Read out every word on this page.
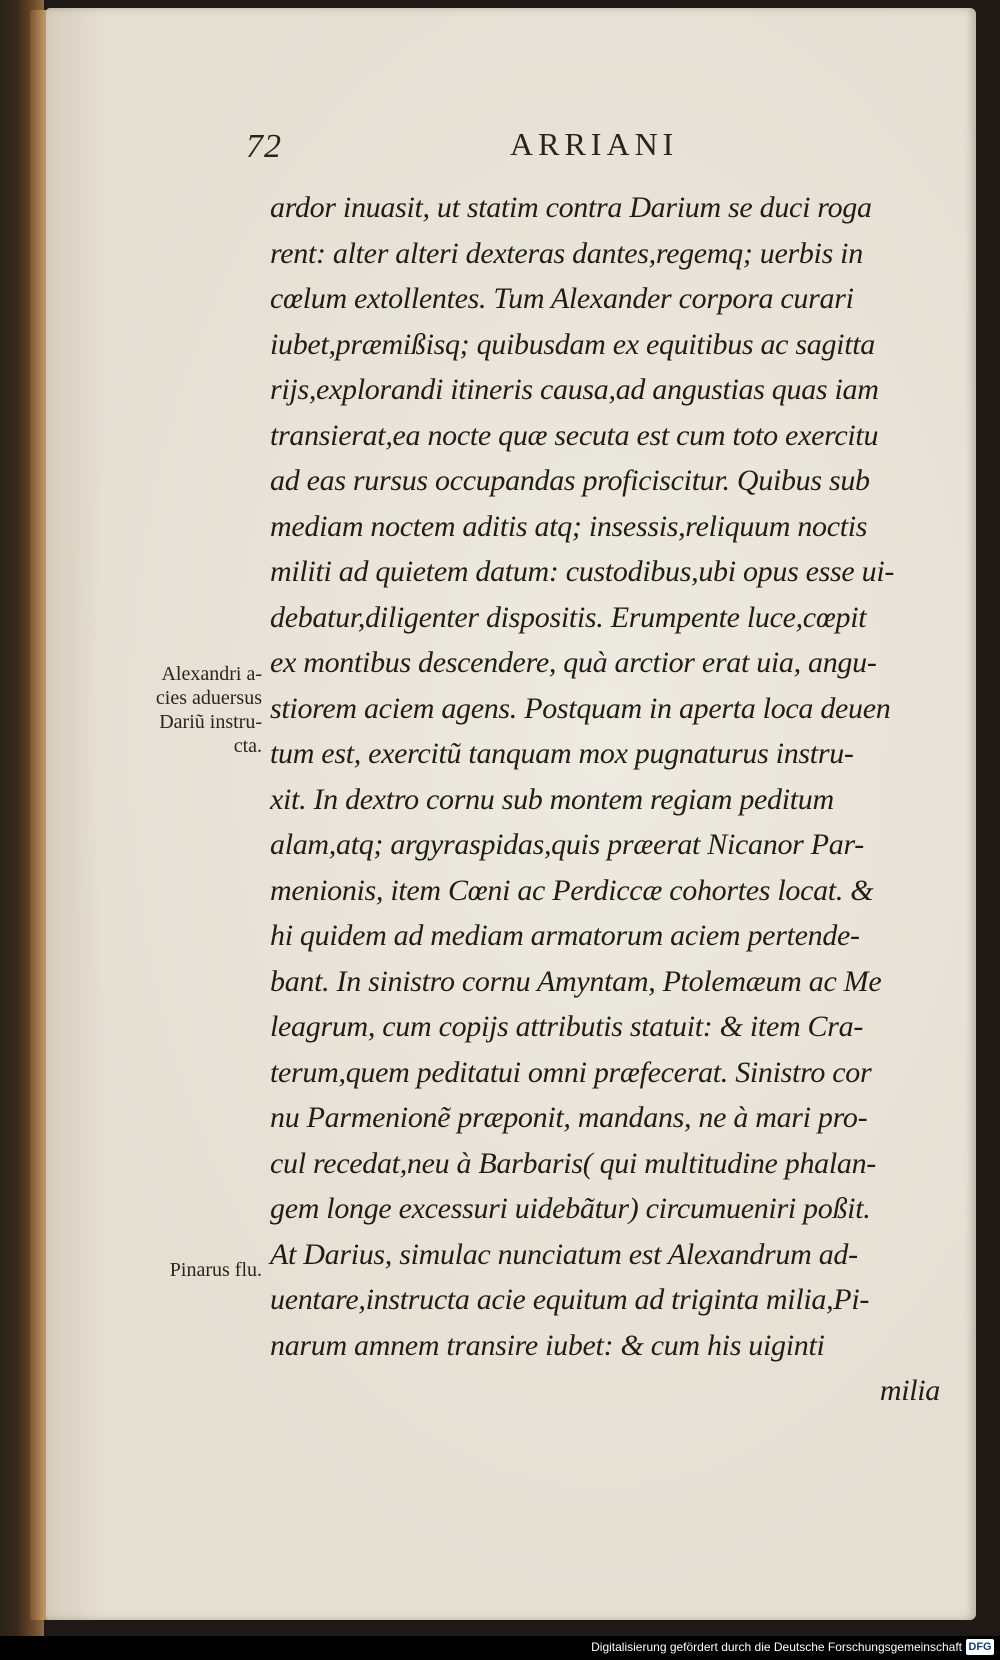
72	ARRIANI
ardor inuasit, ut statim contra Darium se duci roga
rent: alter alteri dexteras dantes,regemq; uerbis in
cœlum extollentes. Tum Alexander corpora curari
iubet,præmißisq; quibusdam ex equitibus ac sagitta
rijs,explorandi itineris causa,ad angustias quas iam
transierat,ea nocte quæ secuta est cum toto exercitu
ad eas rursus occupandas proficiscitur. Quibus sub
mediam noctem aditis atq; insessis,reliquum noctis
militi ad quietem datum: custodibus,ubi opus esse ui-
debatur,diligenter dispositis. Erumpente luce,cœpit
ex montibus descendere, quà arctior erat uia, angu-
stiorem aciem agens. Postquam in aperta loca deuen
tum est, exercitũ tanquam mox pugnaturus instru-
xit. In dextro cornu sub montem regiam peditum
alam,atq; argyraspidas,quis præerat Nicanor Par-
menionis, item Cœni ac Perdiccæ cohortes locat. &
hi quidem ad mediam armatorum aciem pertende-
bant. In sinistro cornu Amyntam, Ptolemæum ac Me
leagrum, cum copijs attributis statuit: & item Cra-
terum,quem peditatui omni præfecerat. Sinistro cor
nu Parmenionẽ præponit, mandans, ne à mari pro-
cul recedat,neu à Barbaris( qui multitudine phalan-
gem longe excessuri uidebãtur) circumueniri poßit.
At Darius, simulac nunciatum est Alexandrum ad-
uentare,instructa acie equitum ad triginta milia,Pi-
narum amnem transire iubet: & cum his uiginti
milia
Alexandri a-
cies aduersus
Dariũ instru-
cta.
Pinarus flu.
Digitalisierung gefördert durch die Deutsche Forschungsgemeinschaft DFG
